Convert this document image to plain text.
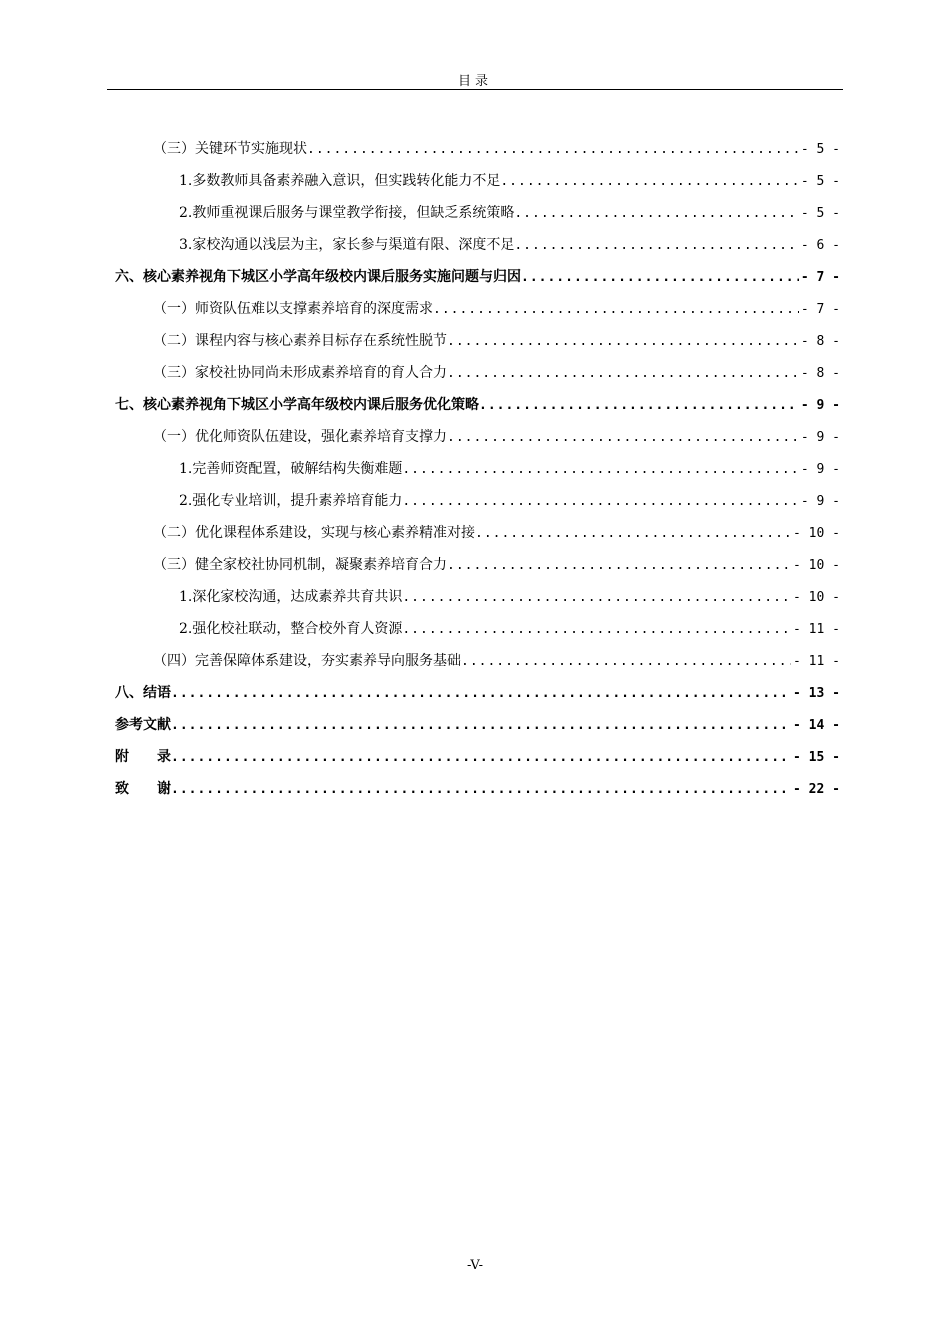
目录
（三）关键环节实施现状 .....	- 5 -
1.多数教师具备素养融入意识，但实践转化能力不足 .....	- 5 -
2.教师重视课后服务与课堂教学衔接，但缺乏系统策略 .....	- 5 -
3.家校沟通以浅层为主，家长参与渠道有限、深度不足 .....	- 6 -
六、核心素养视角下城区小学高年级校内课后服务实施问题与归因 .....	- 7 -
（一）师资队伍难以支撑素养培育的深度需求 .....	- 7 -
（二）课程内容与核心素养目标存在系统性脱节 .....	- 8 -
（三）家校社协同尚未形成素养培育的育人合力 .....	- 8 -
七、核心素养视角下城区小学高年级校内课后服务优化策略 .....	- 9 -
（一）优化师资队伍建设，强化素养培育支撑力 .....	- 9 -
1.完善师资配置，破解结构失衡难题 .....	- 9 -
2.强化专业培训，提升素养培育能力 .....	- 9 -
（二）优化课程体系建设，实现与核心素养精准对接 .....	- 10 -
（三）健全家校社协同机制，凝聚素养培育合力 .....	- 10 -
1.深化家校沟通，达成素养共育共识 .....	- 10 -
2.强化校社联动，整合校外育人资源 .....	- 11 -
（四）完善保障体系建设，夯实素养导向服务基础 .....	- 11 -
八、结语 .....	- 13 -
参考文献 .....	- 14 -
附　　录 .....	- 15 -
致　　谢 .....	- 22 -
-V-
